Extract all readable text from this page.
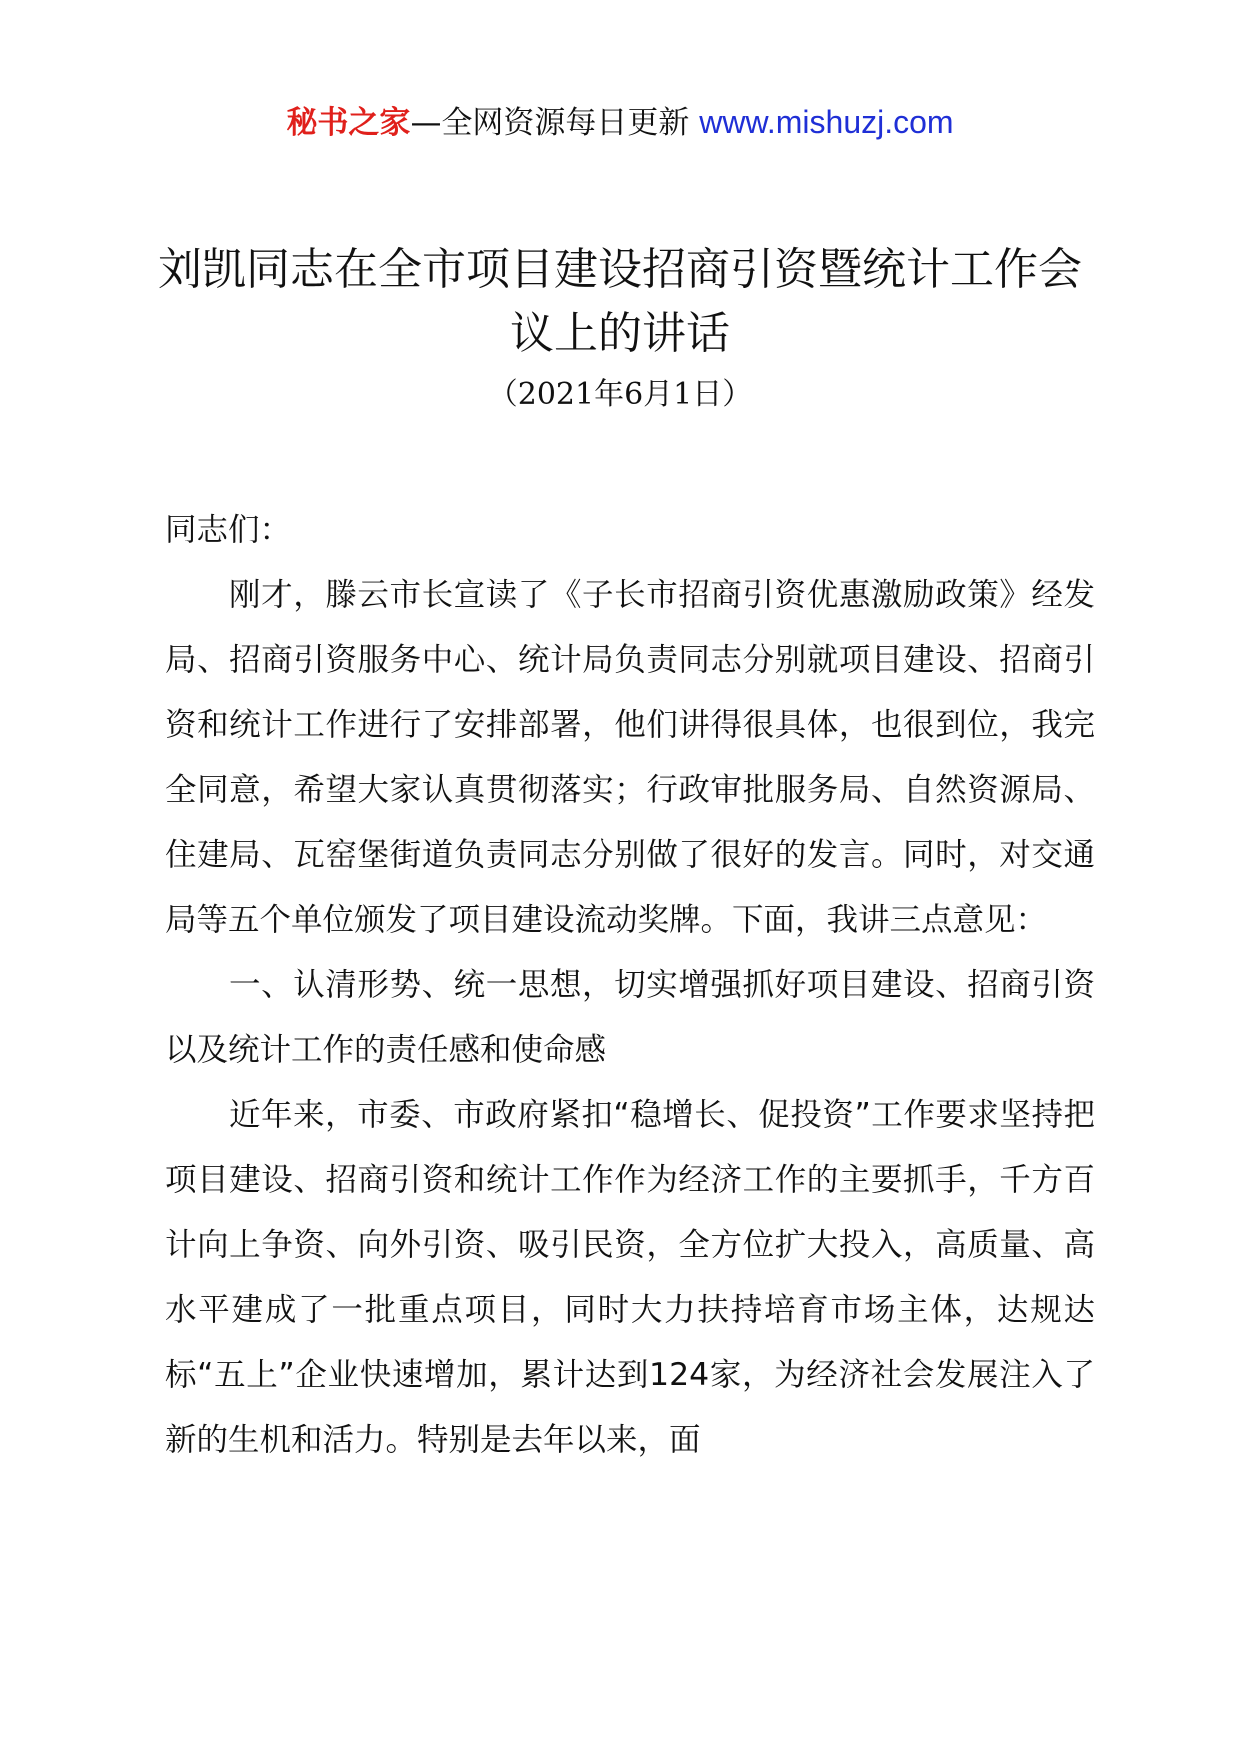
秘书之家—全网资源每日更新 www.mishuzj.com
刘凯同志在全市项目建设招商引资暨统计工作会议上的讲话
（2021年6月1日）

同志们：

刚才，滕云市长宣读了《子长市招商引资优惠激励政策》经发局、招商引资服务中心、统计局负责同志分别就项目建设、招商引资和统计工作进行了安排部署，他们讲得很具体，也很到位，我完全同意，希望大家认真贯彻落实；行政审批服务局、自然资源局、住建局、瓦窑堡街道负责同志分别做了很好的发言。同时，对交通局等五个单位颁发了项目建设流动奖牌。下面，我讲三点意见：

一、认清形势、统一思想，切实增强抓好项目建设、招商引资以及统计工作的责任感和使命感

近年来，市委、市政府紧扣“稳增长、促投资”工作要求坚持把项目建设、招商引资和统计工作作为经济工作的主要抓手，千方百计向上争资、向外引资、吸引民资，全方位扩大投入，高质量、高水平建成了一批重点项目，同时大力扶持培育市场主体，达规达标“五上”企业快速增加，累计达到124家，为经济社会发展注入了新的生机和活力。特别是去年以来，面
